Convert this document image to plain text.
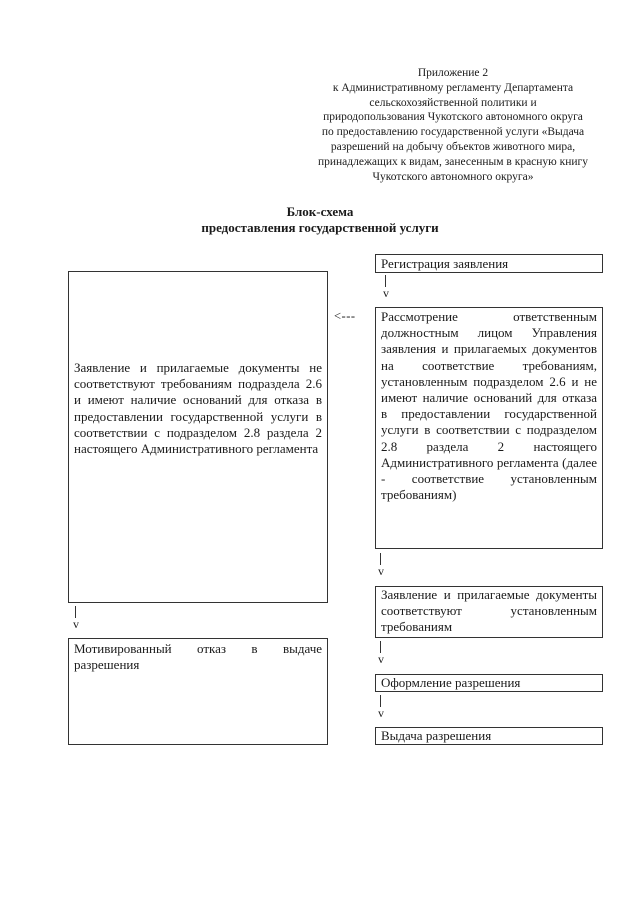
Приложение 2
к Административному регламенту Департамента
сельскохозяйственной политики и
природопользования Чукотского автономного округа
по предоставлению государственной услуги «Выдача
разрешений на добычу объектов животного мира,
принадлежащих к видам, занесенным в красную книгу
Чукотского автономного округа»
Блок-схема
предоставления государственной услуги
Заявление и прилагаемые документы не соответствуют требованиям подраздела 2.6 и имеют наличие оснований для отказа в предоставлении государственной услуги в соответствии с подразделом 2.8 раздела 2 настоящего Административного регламента
v
Мотивированный отказ в выдаче разрешения
<---
Регистрация заявления
v
Рассмотрение ответственным должностным лицом Управления заявления и прилагаемых документов на соответствие требованиям, установленным подразделом 2.6 и не имеют наличие оснований для отказа в предоставлении государственной услуги в соответствии с подразделом 2.8 раздела 2 настоящего Административного регламента (далее - соответствие установленным требованиям)
v
Заявление и прилагаемые документы соответствуют установленным требованиям
v
Оформление разрешения
v
Выдача разрешения
